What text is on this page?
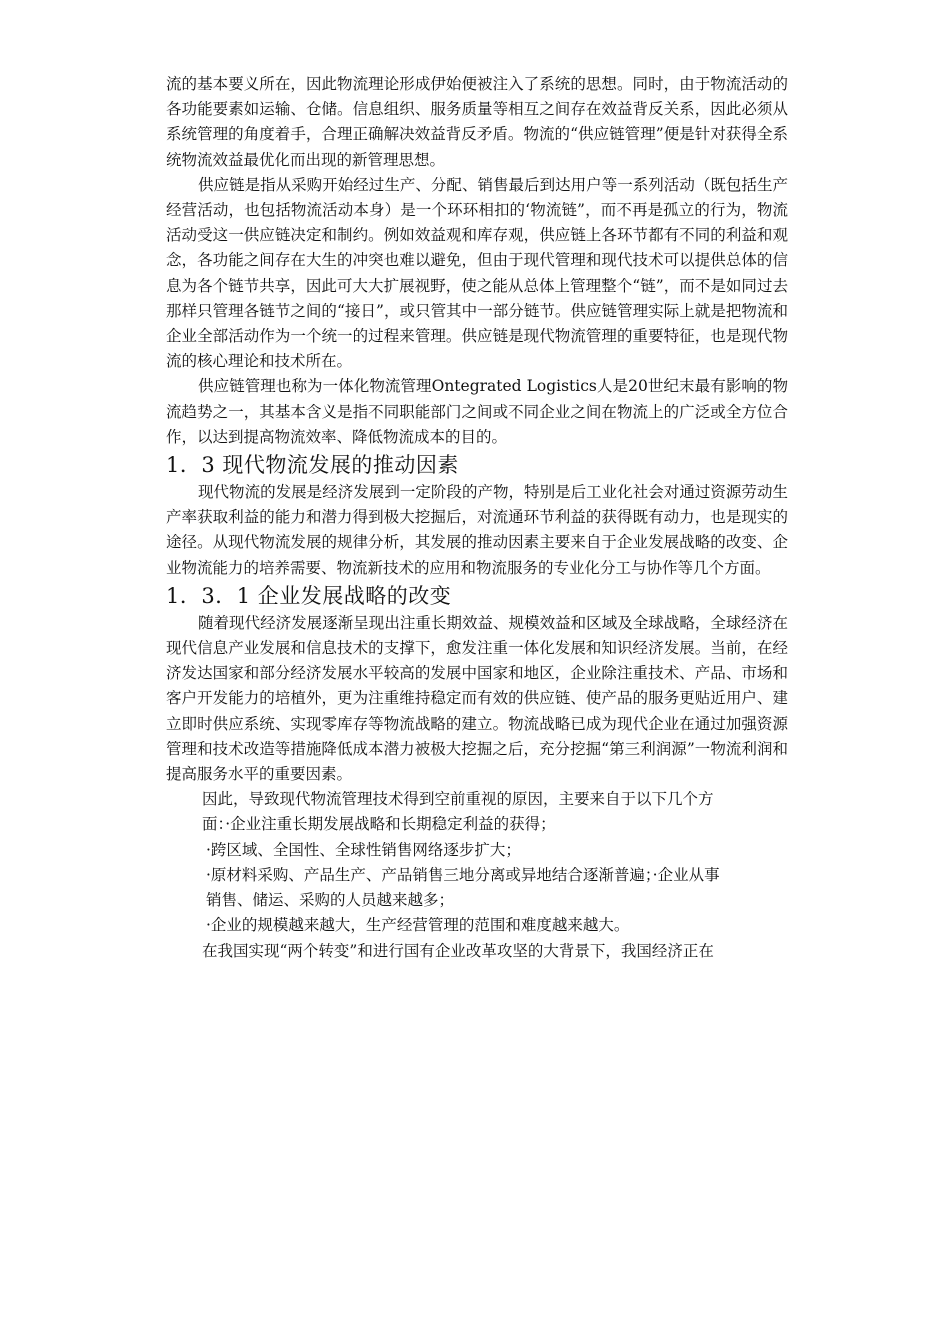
流的基本要义所在，因此物流理论形成伊始便被注入了系统的思想。同时，由于物流活动的各功能要素如运输、仓储。信息组织、服务质量等相互之间存在效益背反关系，因此必须从系统管理的角度着手，合理正确解决效益背反矛盾。物流的“供应链管理”便是针对获得全系统物流效益最优化而出现的新管理思想。

供应链是指从采购开始经过生产、分配、销售最后到达用户等一系列活动（既包括生产经营活动，也包括物流活动本身）是一个环环相扣的‘物流链”，而不再是孤立的行为，物流活动受这一供应链决定和制约。例如效益观和库存观，供应链上各环节都有不同的利益和观念，各功能之间存在大生的冲突也难以避免，但由于现代管理和现代技术可以提供总体的信息为各个链节共享，因此可大大扩展视野，使之能从总体上管理整个“链”，而不是如同过去那样只管理各链节之间的“接日”，或只管其中一部分链节。供应链管理实际上就是把物流和企业全部活动作为一个统一的过程来管理。供应链是现代物流管理的重要特征，也是现代物流的核心理论和技术所在。

供应链管理也称为一体化物流管理Ontegrated Logistics人是20世纪末最有影响的物流趋势之一，其基本含义是指不同职能部门之间或不同企业之间在物流上的广泛或全方位合作，以达到提高物流效率、降低物流成本的目的。

1．3 现代物流发展的推动因素

现代物流的发展是经济发展到一定阶段的产物，特别是后工业化社会对通过资源劳动生产率获取利益的能力和潜力得到极大挖掘后，对流通环节利益的获得既有动力，也是现实的途径。从现代物流发展的规律分析，其发展的推动因素主要来自于企业发展战略的改变、企业物流能力的培养需要、物流新技术的应用和物流服务的专业化分工与协作等几个方面。

1．3．1 企业发展战略的改变

随着现代经济发展逐渐呈现出注重长期效益、规模效益和区域及全球战略，全球经济在现代信息产业发展和信息技术的支撑下，愈发注重一体化发展和知识经济发展。当前，在经济发达国家和部分经济发展水平较高的发展中国家和地区，企业除注重技术、产品、市场和客户开发能力的培植外，更为注重维持稳定而有效的供应链、使产品的服务更贴近用户、建立即时供应系统、实现零库存等物流战略的建立。物流战略已成为现代企业在通过加强资源管理和技术改造等措施降低成本潜力被极大挖掘之后，充分挖掘“第三利润源”一物流利润和提高服务水平的重要因素。

因此，导致现代物流管理技术得到空前重视的原因，主要来自于以下几个方

面：·企业注重长期发展战略和长期稳定利益的获得；

·跨区域、全国性、全球性销售网络逐步扩大；

·原材料采购、产品生产、产品销售三地分离或异地结合逐渐普遍；·企业从事

销售、储运、采购的人员越来越多；

·企业的规模越来越大，生产经营管理的范围和难度越来越大。

在我国实现“两个转变”和进行国有企业改革攻坚的大背景下，我国经济正在
